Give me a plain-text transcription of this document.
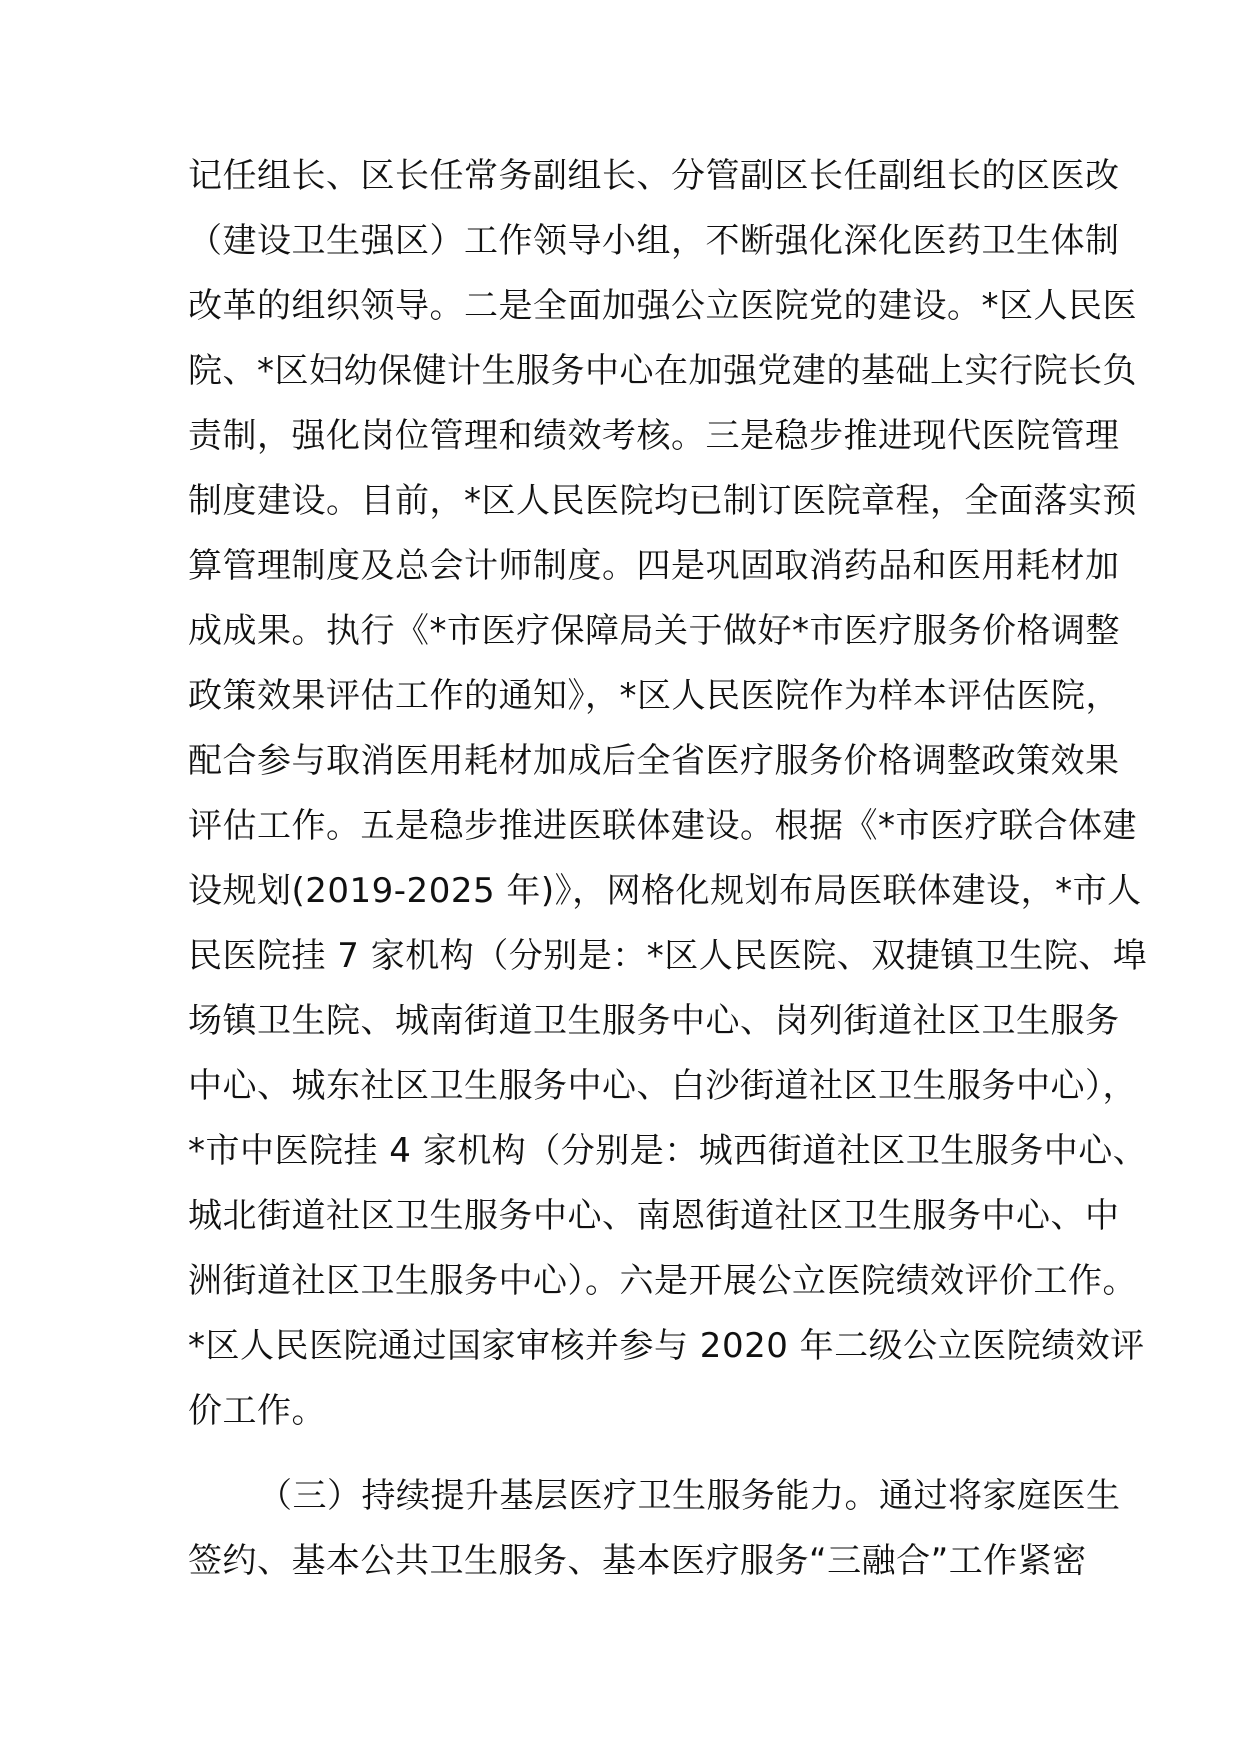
记任组长、区长任常务副组长、分管副区长任副组长的区医改
（建设卫生强区）工作领导小组，不断强化深化医药卫生体制
改革的组织领导。二是全面加强公立医院党的建设。*区人民医
院、*区妇幼保健计生服务中心在加强党建的基础上实行院长负
责制，强化岗位管理和绩效考核。三是稳步推进现代医院管理
制度建设。目前，*区人民医院均已制订医院章程，全面落实预
算管理制度及总会计师制度。四是巩固取消药品和医用耗材加
成成果。执行《*市医疗保障局关于做好*市医疗服务价格调整
政策效果评估工作的通知》，*区人民医院作为样本评估医院，
配合参与取消医用耗材加成后全省医疗服务价格调整政策效果
评估工作。五是稳步推进医联体建设。根据《*市医疗联合体建
设规划(2019-2025 年)》，网格化规划布局医联体建设，*市人
民医院挂 7 家机构（分别是：*区人民医院、双捷镇卫生院、埠
场镇卫生院、城南街道卫生服务中心、岗列街道社区卫生服务
中心、城东社区卫生服务中心、白沙街道社区卫生服务中心），
*市中医院挂 4 家机构（分别是：城西街道社区卫生服务中心、
城北街道社区卫生服务中心、南恩街道社区卫生服务中心、中
洲街道社区卫生服务中心）。六是开展公立医院绩效评价工作。
*区人民医院通过国家审核并参与 2020 年二级公立医院绩效评
价工作。
（三）持续提升基层医疗卫生服务能力。通过将家庭医生
签约、基本公共卫生服务、基本医疗服务“三融合”工作紧密
